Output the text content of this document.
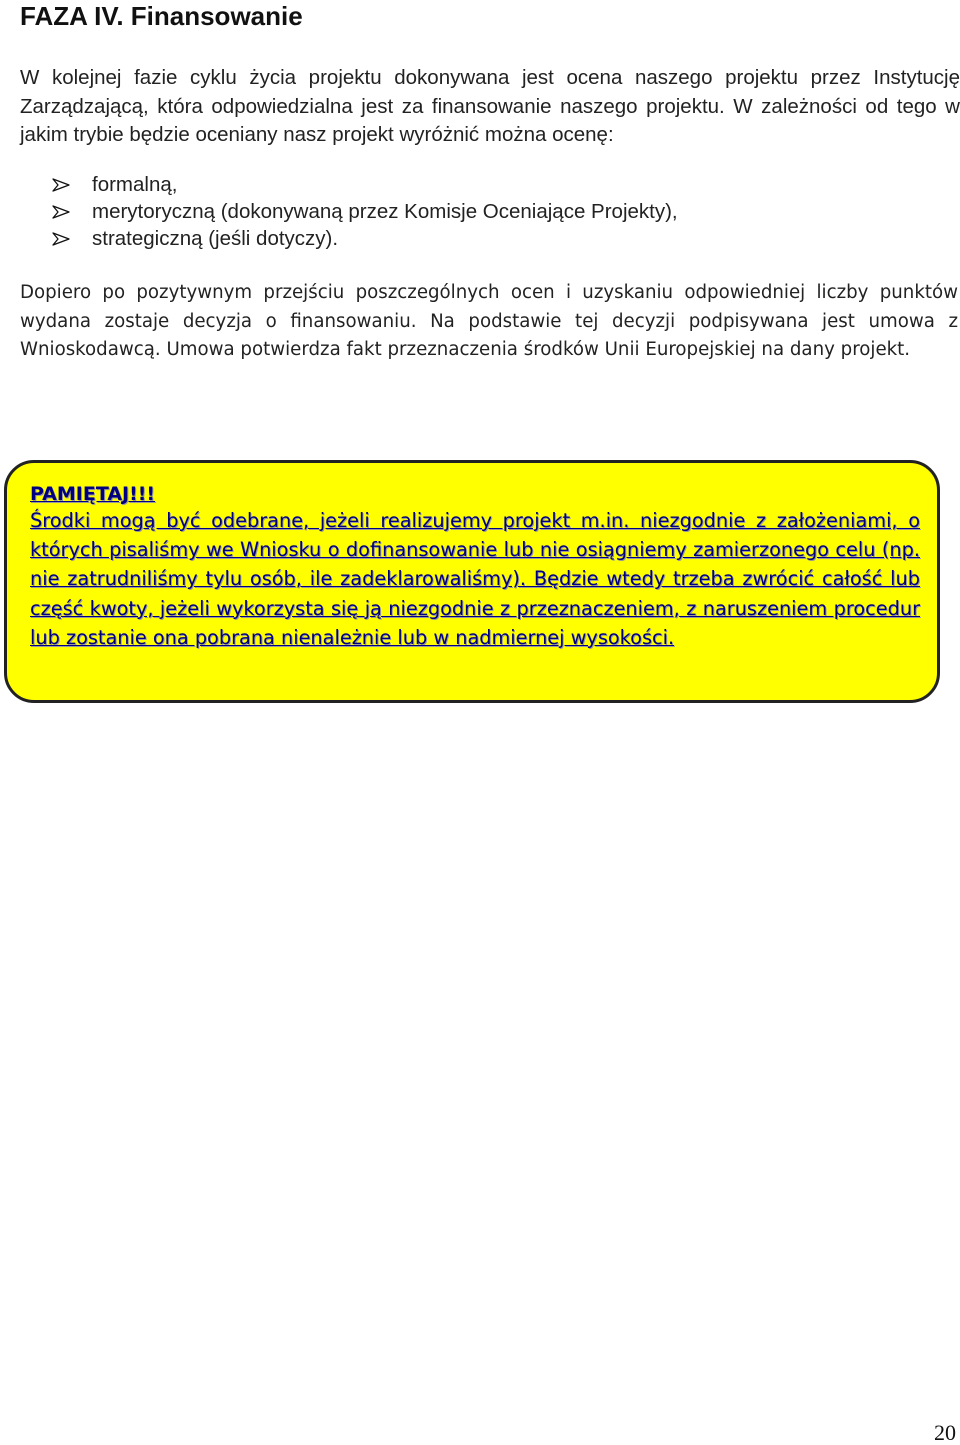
FAZA IV. Finansowanie

W kolejnej fazie cyklu życia projektu dokonywana jest ocena naszego projektu przez Instytucję Zarządzającą, która odpowiedzialna jest za finansowanie naszego projektu. W zależności od tego w jakim trybie będzie oceniany nasz projekt wyróżnić można ocenę:

formalną,
merytoryczną (dokonywaną przez Komisje Oceniające Projekty),
strategiczną (jeśli dotyczy).

Dopiero po pozytywnym przejściu poszczególnych ocen i uzyskaniu odpowiedniej liczby punktów wydana zostaje decyzja o finansowaniu. Na podstawie tej decyzji podpisywana jest umowa z Wnioskodawcą. Umowa potwierdza fakt przeznaczenia środków Unii Europejskiej na dany projekt.

PAMIĘTAJ!!!

Środki mogą być odebrane, jeżeli realizujemy projekt m.in. niezgodnie z założeniami, o których pisaliśmy we Wniosku o dofinansowanie lub nie osiągniemy zamierzonego celu (np. nie zatrudniliśmy tylu osób, ile zadeklarowaliśmy). Będzie wtedy trzeba zwrócić całość lub część kwoty, jeżeli wykorzysta się ją niezgodnie z przeznaczeniem, z naruszeniem procedur lub zostanie ona pobrana nienależnie lub w nadmiernej wysokości.

20
